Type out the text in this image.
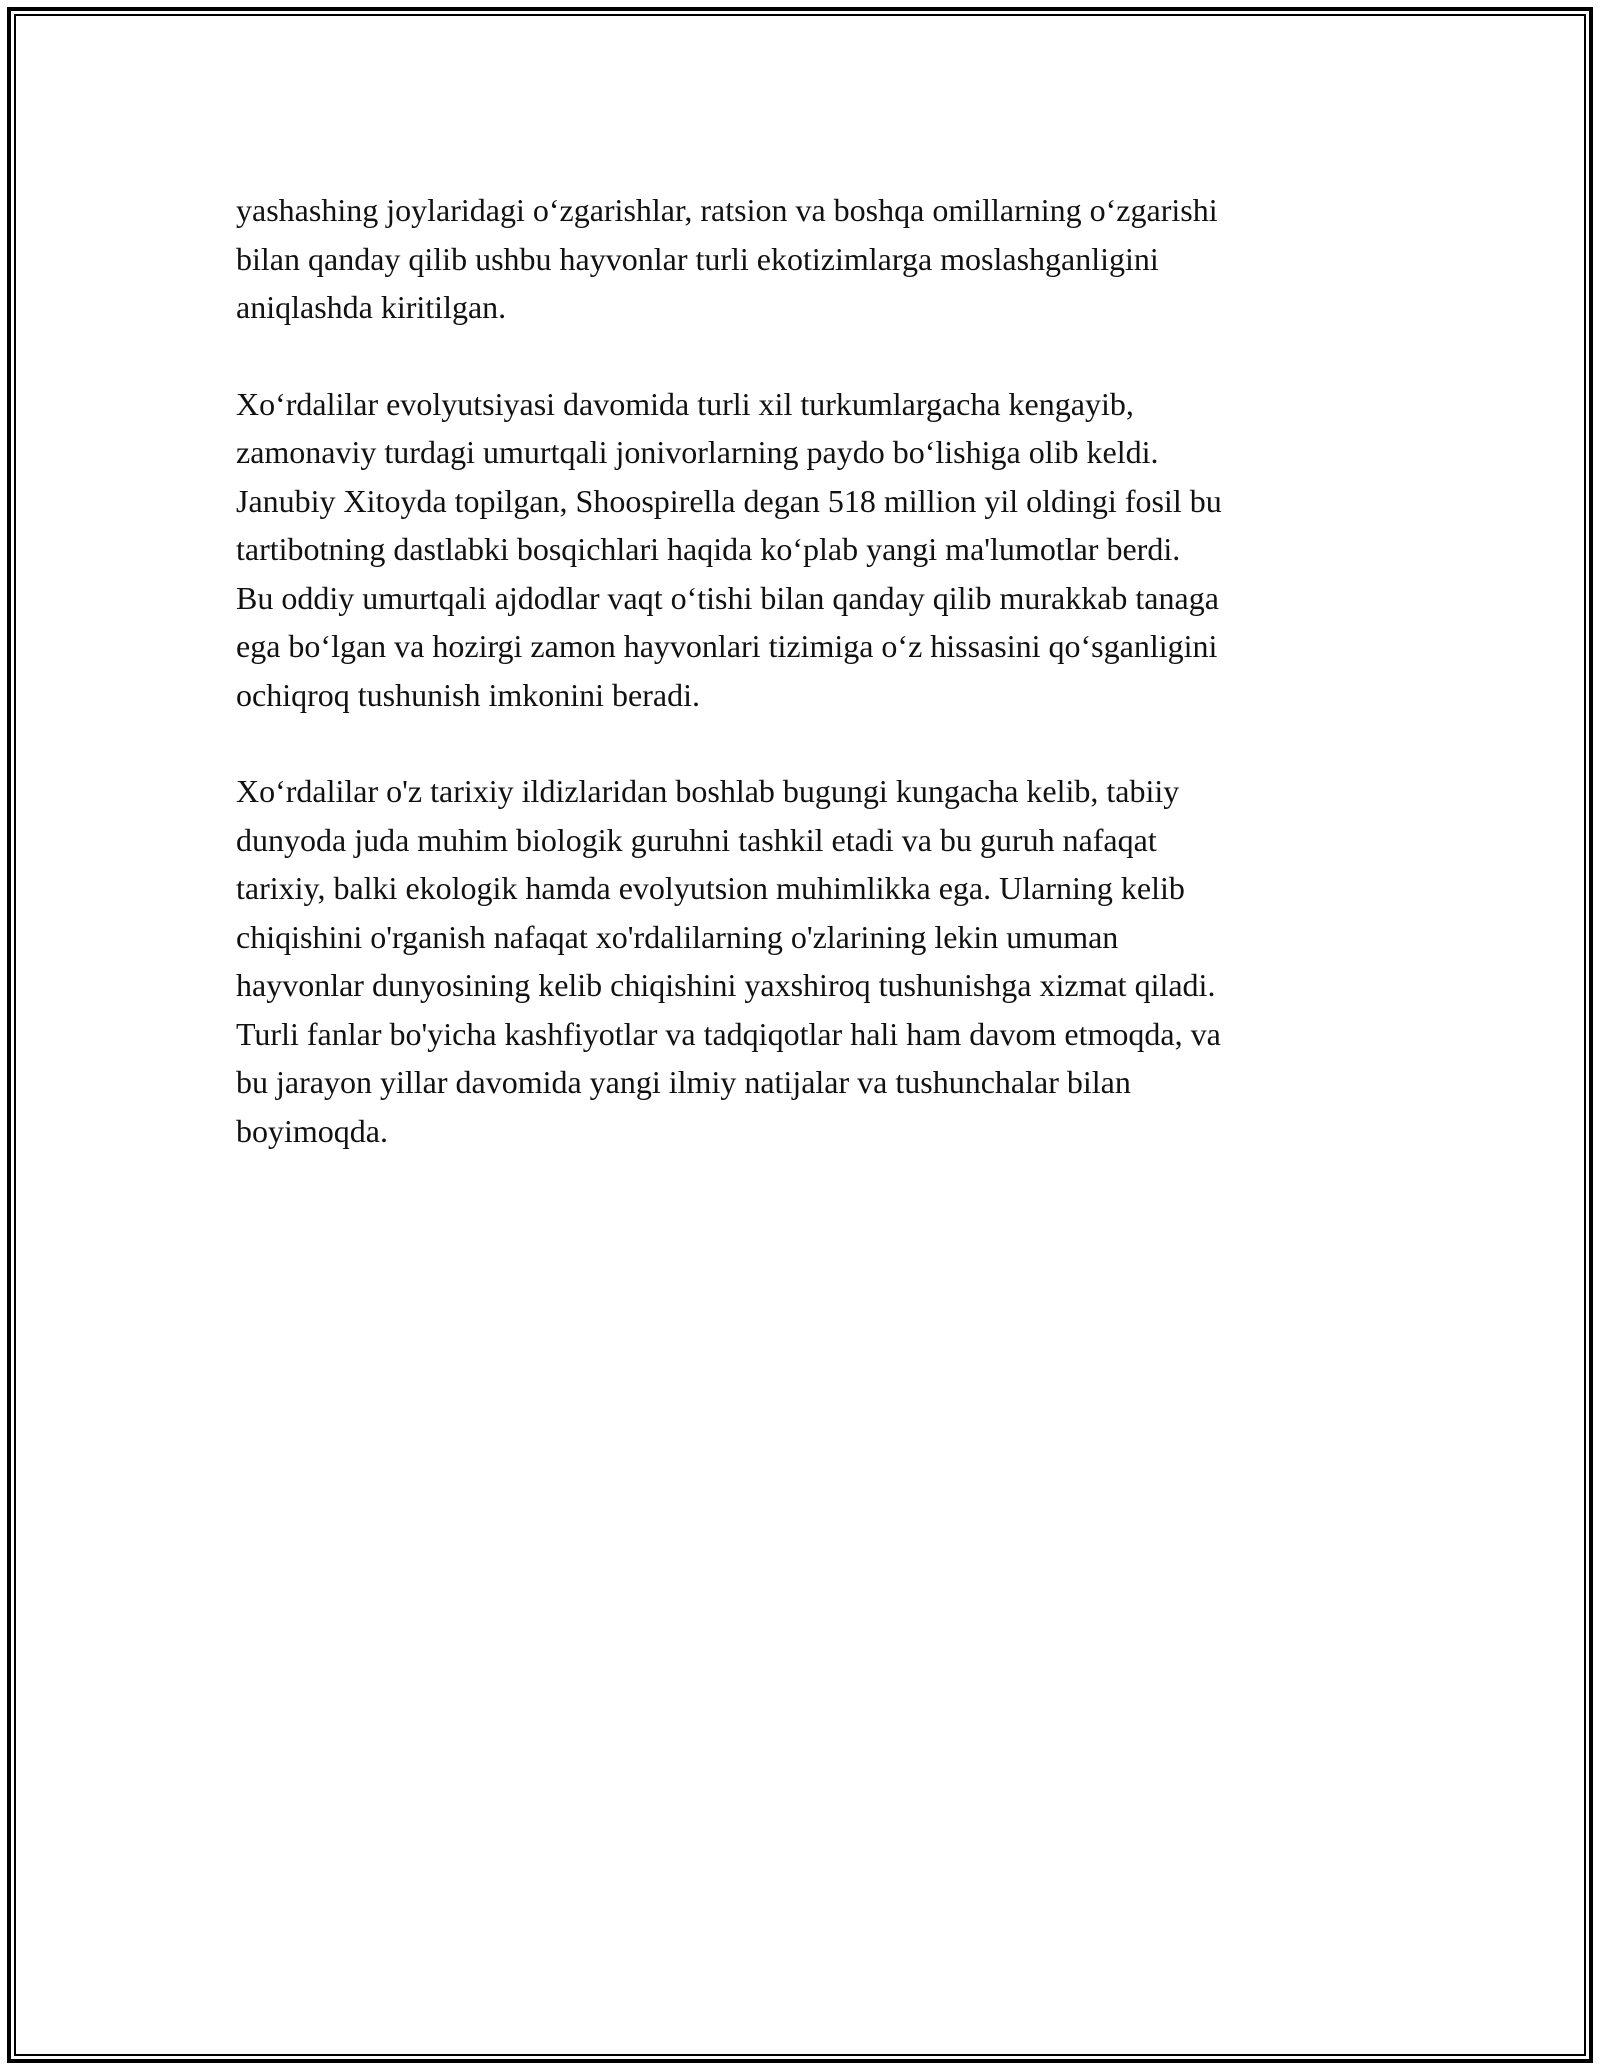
yashashing joylaridagi o‘zgarishlar, ratsion va boshqa omillarning o‘zgarishi
bilan qanday qilib ushbu hayvonlar turli ekotizimlarga moslashganligini
aniqlashda kiritilgan.

Xo‘rdalilar evolyutsiyasi davomida turli xil turkumlargacha kengayib,
zamonaviy turdagi umurtqali jonivorlarning paydo bo‘lishiga olib keldi.
Janubiy Xitoyda topilgan, Shoospirella degan 518 million yil oldingi fosil bu
tartibotning dastlabki bosqichlari haqida ko‘plab yangi ma'lumotlar berdi.
Bu oddiy umurtqali ajdodlar vaqt o‘tishi bilan qanday qilib murakkab tanaga
ega bo‘lgan va hozirgi zamon hayvonlari tizimiga o‘z hissasini qo‘sganligini
ochiqroq tushunish imkonini beradi.

Xo‘rdalilar o'z tarixiy ildizlaridan boshlab bugungi kungacha kelib, tabiiy
dunyoda juda muhim biologik guruhni tashkil etadi va bu guruh nafaqat
tarixiy, balki ekologik hamda evolyutsion muhimlikka ega. Ularning kelib
chiqishini o'rganish nafaqat xo'rdalilarning o'zlarining lekin umuman
hayvonlar dunyosining kelib chiqishini yaxshiroq tushunishga xizmat qiladi.
Turli fanlar bo'yicha kashfiyotlar va tadqiqotlar hali ham davom etmoqda, va
bu jarayon yillar davomida yangi ilmiy natijalar va tushunchalar bilan
boyimoqda.
